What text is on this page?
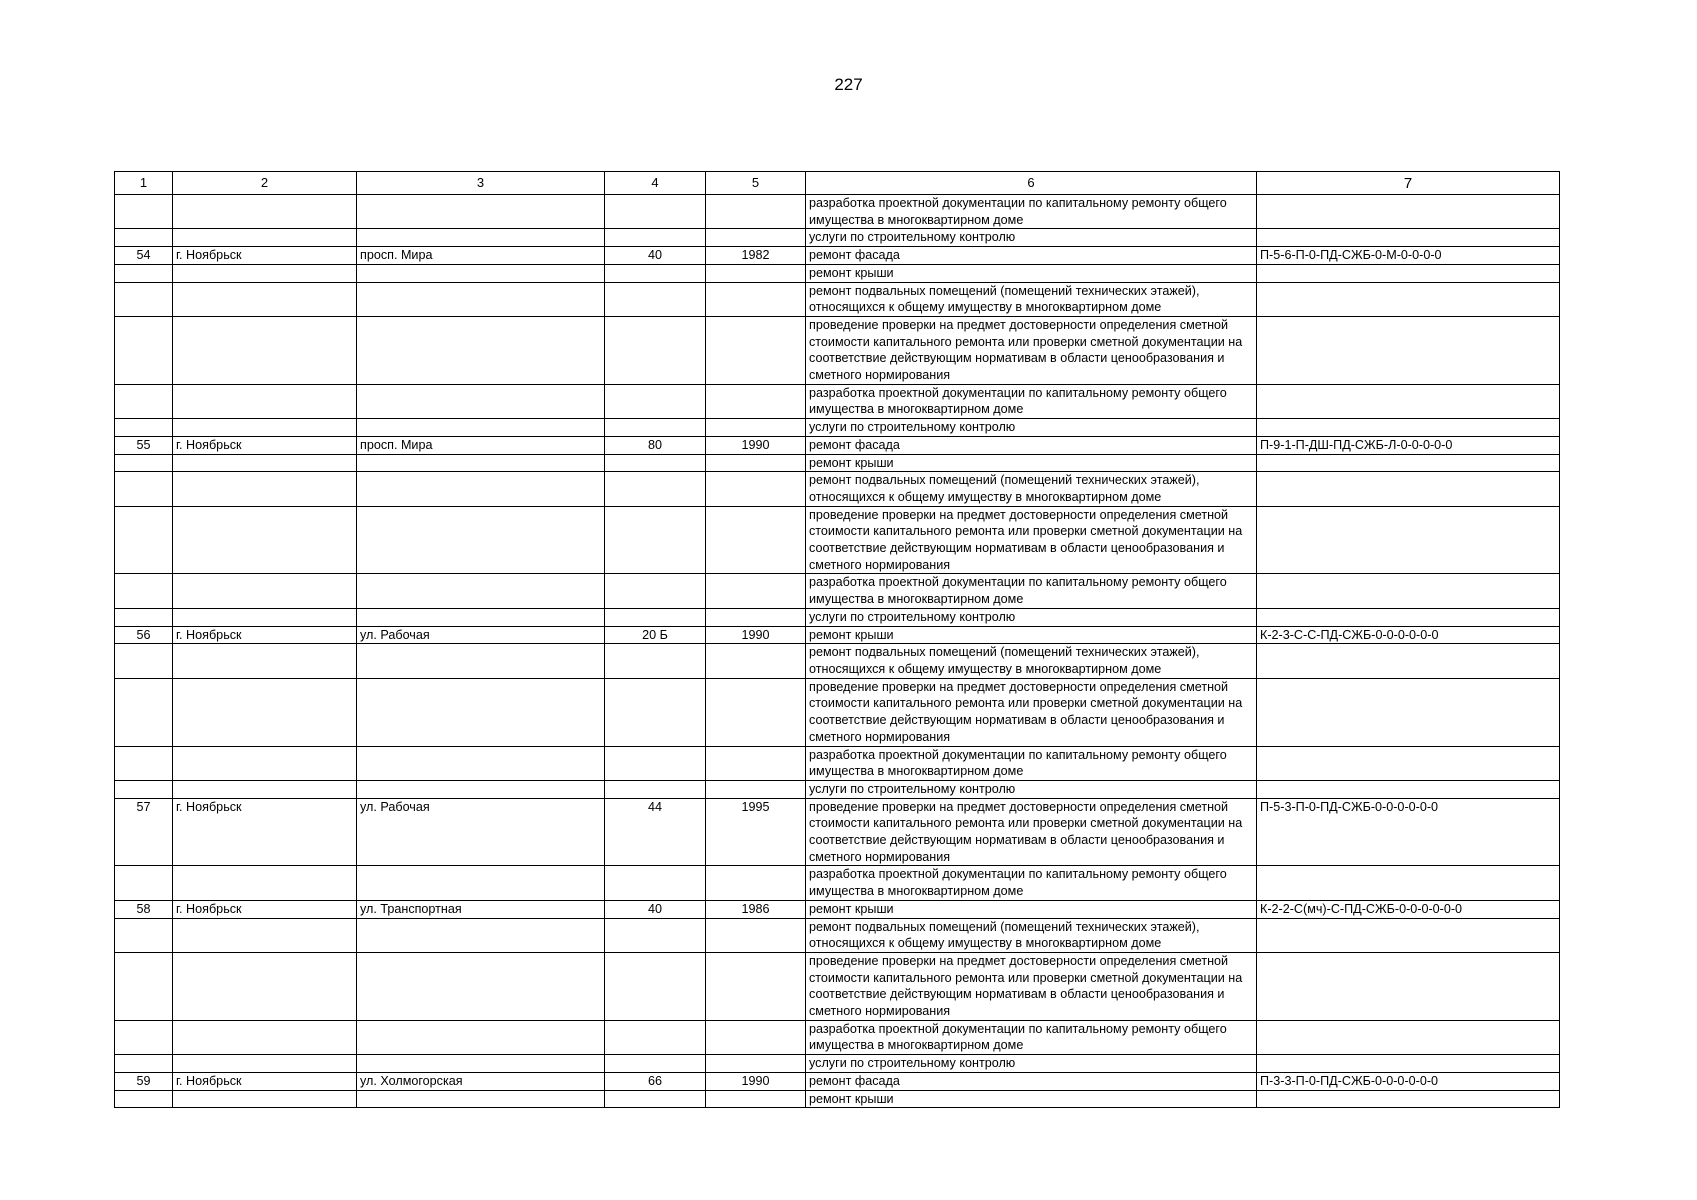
227
1	2	3	4	5	6	7
					разработка проектной документации по капитальному ремонту общего имущества в многоквартирном доме	
					услуги по строительному контролю	
54	г. Ноябрьск	просп. Мира	40	1982	ремонт фасада	П-5-6-П-0-ПД-СЖБ-0-М-0-0-0-0
					ремонт крыши	
					ремонт подвальных помещений (помещений технических этажей), относящихся к общему имуществу в многоквартирном доме	
					проведение проверки на предмет достоверности определения сметной стоимости капитального ремонта или проверки сметной документации на соответствие действующим нормативам в области ценообразования и сметного нормирования	
					разработка проектной документации по капитальному ремонту общего имущества в многоквартирном доме	
					услуги по строительному контролю	
55	г. Ноябрьск	просп. Мира	80	1990	ремонт фасада	П-9-1-П-ДШ-ПД-СЖБ-Л-0-0-0-0-0
					ремонт крыши	
					ремонт подвальных помещений (помещений технических этажей), относящихся к общему имуществу в многоквартирном доме	
					проведение проверки на предмет достоверности определения сметной стоимости капитального ремонта или проверки сметной документации на соответствие действующим нормативам в области ценообразования и сметного нормирования	
					разработка проектной документации по капитальному ремонту общего имущества в многоквартирном доме	
					услуги по строительному контролю	
56	г. Ноябрьск	ул. Рабочая	20 Б	1990	ремонт крыши	К-2-3-С-С-ПД-СЖБ-0-0-0-0-0-0
					ремонт подвальных помещений (помещений технических этажей), относящихся к общему имуществу в многоквартирном доме	
					проведение проверки на предмет достоверности определения сметной стоимости капитального ремонта или проверки сметной документации на соответствие действующим нормативам в области ценообразования и сметного нормирования	
					разработка проектной документации по капитальному ремонту общего имущества в многоквартирном доме	
					услуги по строительному контролю	
57	г. Ноябрьск	ул. Рабочая	44	1995	проведение проверки на предмет достоверности определения сметной стоимости капитального ремонта или проверки сметной документации на соответствие действующим нормативам в области ценообразования и сметного нормирования	П-5-3-П-0-ПД-СЖБ-0-0-0-0-0-0
					разработка проектной документации по капитальному ремонту общего имущества в многоквартирном доме	
58	г. Ноябрьск	ул. Транспортная	40	1986	ремонт крыши	К-2-2-С(мч)-С-ПД-СЖБ-0-0-0-0-0-0
					ремонт подвальных помещений (помещений технических этажей), относящихся к общему имуществу в многоквартирном доме	
					проведение проверки на предмет достоверности определения сметной стоимости капитального ремонта или проверки сметной документации на соответствие действующим нормативам в области ценообразования и сметного нормирования	
					разработка проектной документации по капитальному ремонту общего имущества в многоквартирном доме	
					услуги по строительному контролю	
59	г. Ноябрьск	ул. Холмогорская	66	1990	ремонт фасада	П-3-3-П-0-ПД-СЖБ-0-0-0-0-0-0
					ремонт крыши	
